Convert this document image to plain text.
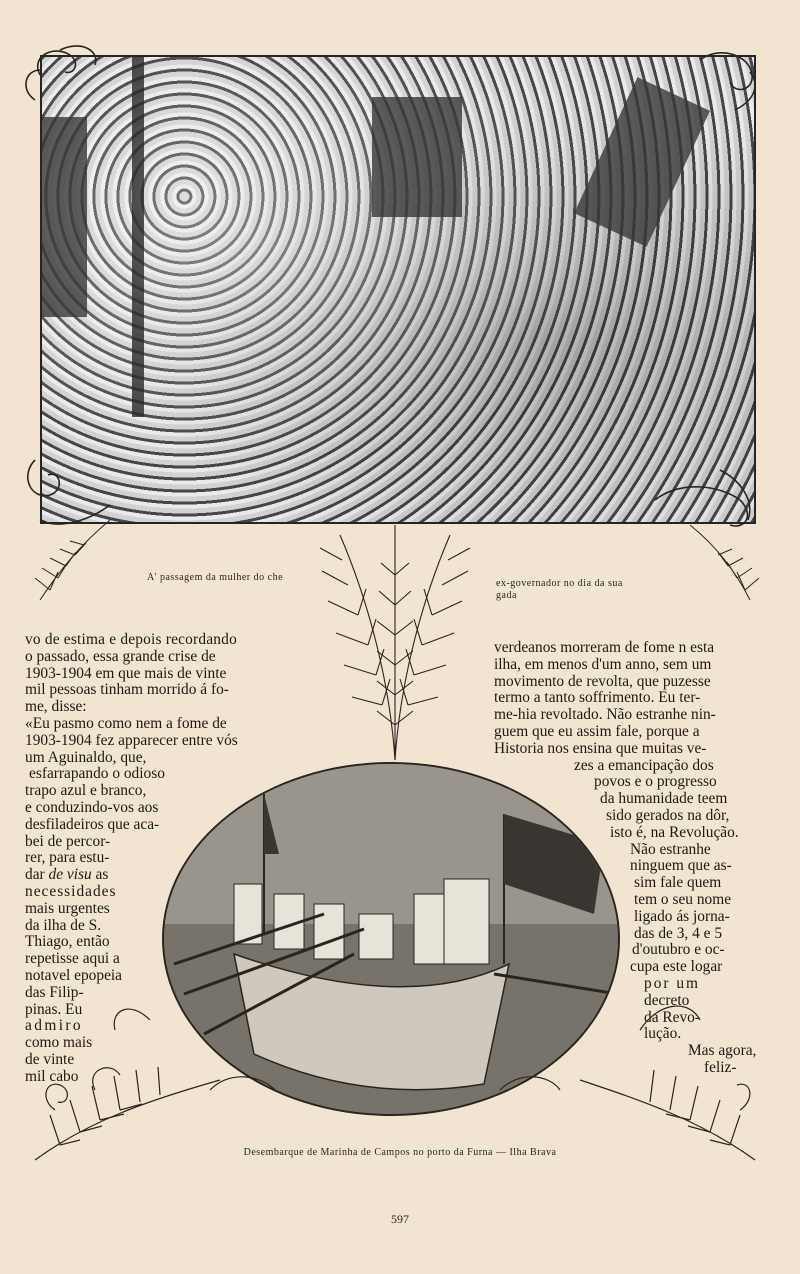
A' passagem da mulher do che
ex-governador no dia da sua
gada

vo de estima e depois recordando

o passado, essa grande crise de

1903-1904 em que mais de vinte

mil pessoas tinham morrido á fo-

me, disse:

«Eu pasmo como nem a fome de

1903-1904 fez apparecer entre vós

um Aguinaldo, que,

esfarrapando o odioso

trapo azul e branco,

e conduzindo-vos aos

desfiladeiros que aca-

bei de percor-

rer, para estu-

dar de visu as

necessidades

mais urgentes

da ilha de S.

Thiago, então

repetisse aqui a

notavel epopeia

das Filip-

pinas. Eu

admiro

como mais

de vinte

mil cabo

verdeanos morreram de fome n esta

ilha, em menos d'um anno, sem um

movimento de revolta, que puzesse

termo a tanto soffrimento. Eu ter-

me-hia revoltado. Não estranhe nin-

guem que eu assim fale, porque a

Historia nos ensina que muitas ve-

zes a emancipação dos

povos e o progresso

da humanidade teem

sido gerados na dôr,

isto é, na Revolução.

Não estranhe

ninguem que as-

sim fale quem

tem o seu nome

ligado ás jorna-

das de 3, 4 e 5

d'outubro e oc-

cupa este logar

por um

decreto

da Revo-

lução.

Mas agora,

feliz-

Desembarque de Marinha de Campos no porto da Furna — Ilha Brava
597
